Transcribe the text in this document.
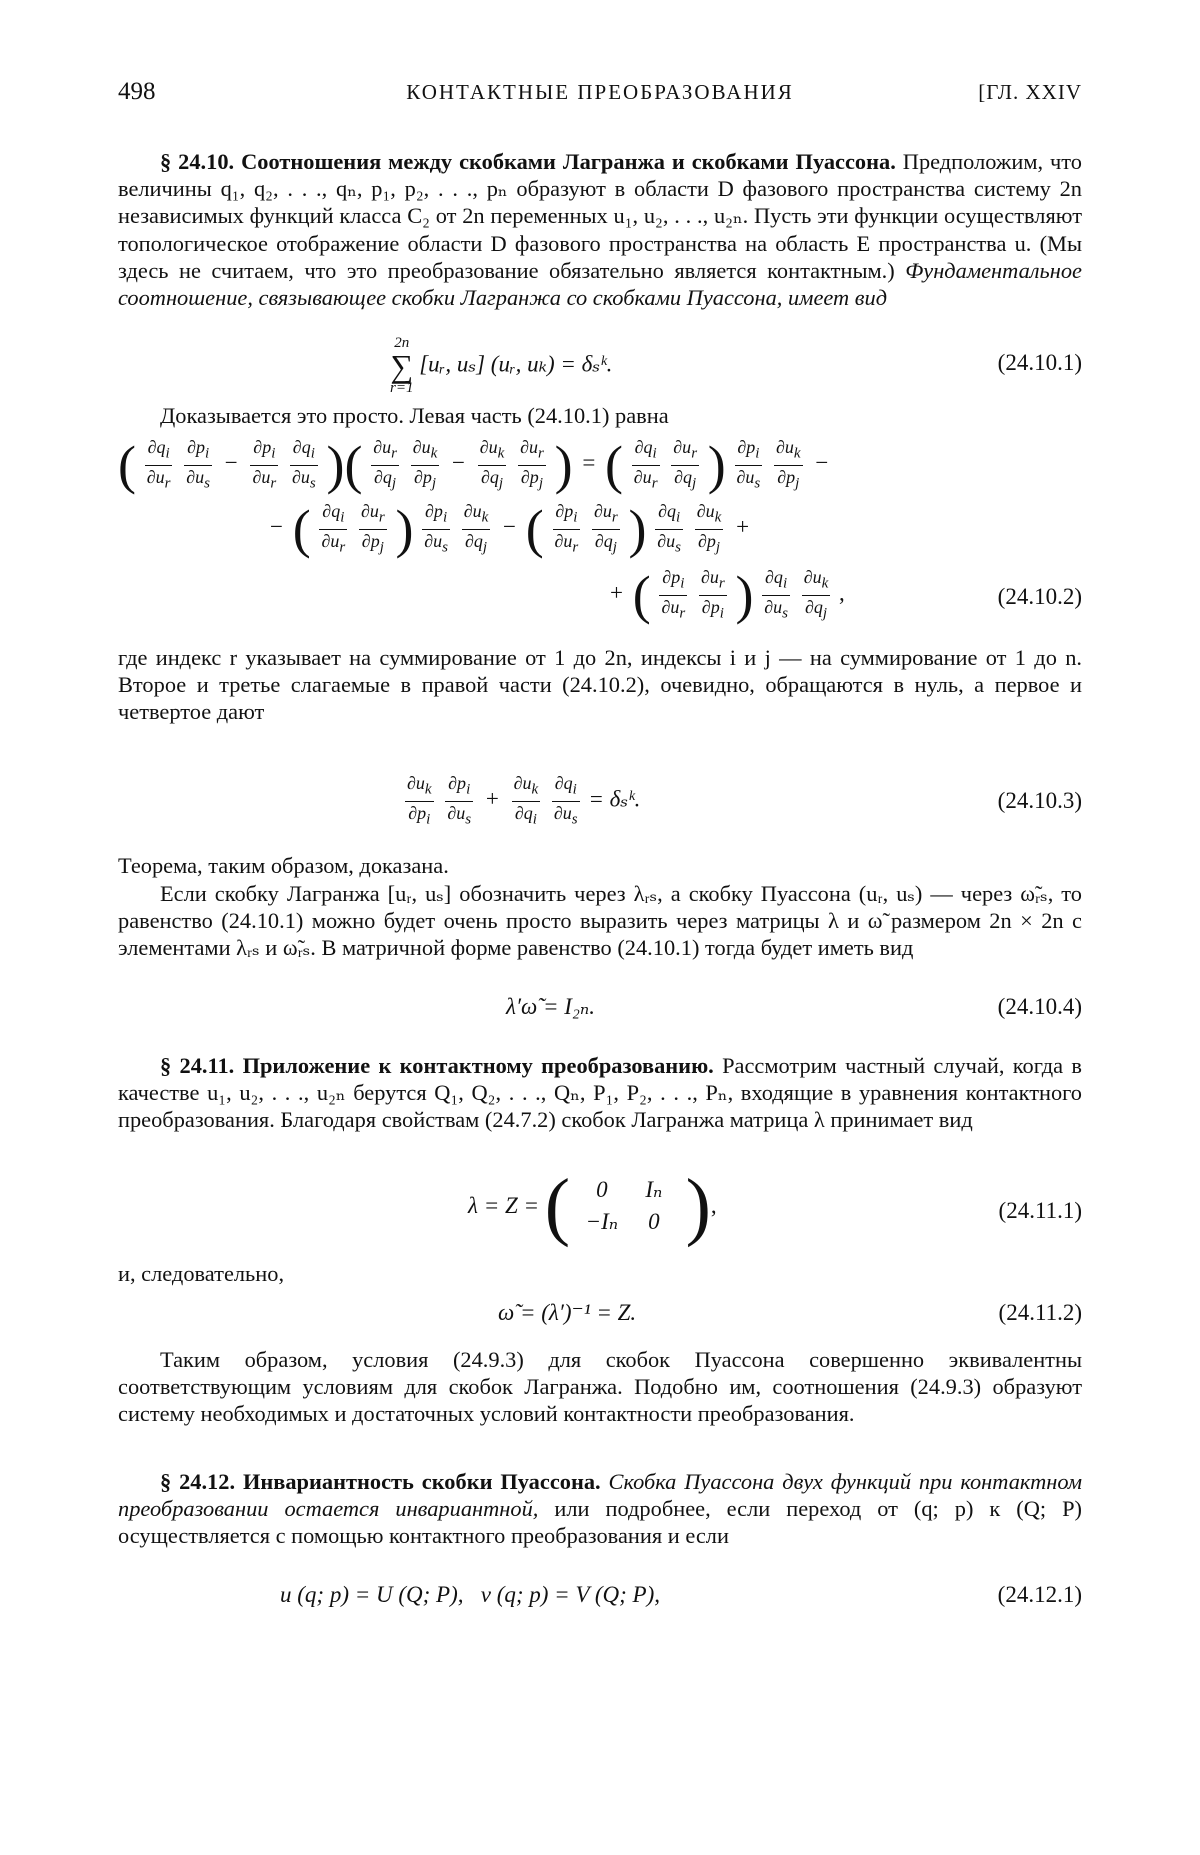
498	КОНТАКТНЫЕ ПРЕОБРАЗОВАНИЯ	[ГЛ. XXIV

§ 24.10. Соотношения между скобками Лагранжа и скобками Пуассона. Предположим, что величины q₁, q₂, . . ., qₙ, p₁, p₂, . . ., pₙ образуют в области D фазового пространства систему 2n независимых функций класса C₂ от 2n переменных u₁, u₂, . . ., u₂ₙ. Пусть эти функции осуществляют топологическое отображение области D фазового пространства на область E пространства u. (Мы здесь не считаем, что это преобразование обязательно является контактным.) Фундаментальное соотношение, связывающее скобки Лагранжа со скобками Пуассона, имеет вид

2n
∑
r=1
[uᵣ, uₛ] (uᵣ, uₖ) = δₛᵏ.	(24.10.1)

Доказывается это просто. Левая часть (24.10.1) равна

( $\frac{\partial q_i}{\partial u_r}$
$\frac{\partial p_i}{\partial u_s} - \frac{\partial p_i}{\partial u_r}$
$\frac{\partial q_i}{\partial u_s}$ )( $\frac{\partial u_r}{\partial q_j}$
$\frac{\partial u_k}{\partial p_j} - \frac{\partial u_k}{\partial q_j}$
$\frac{\partial u_r}{\partial p_j}$ ) = ( $\frac{\partial q_i}{\partial u_r}$
$\frac{\partial u_r}{\partial q_j}$ ) $\frac{\partial p_i}{\partial u_s}$
$\frac{\partial u_k}{\partial p_j}$ −
− ( $\frac{\partial q_i}{\partial u_r}$
$\frac{\partial u_r}{\partial p_j}$ ) $\frac{\partial p_i}{\partial u_s}$
$\frac{\partial u_k}{\partial q_j}$ − ( $\frac{\partial p_i}{\partial u_r}$
$\frac{\partial u_r}{\partial q_j}$ ) $\frac{\partial q_i}{\partial u_s}$
$\frac{\partial u_k}{\partial p_j}$ +
+ ( $\frac{\partial p_i}{\partial u_r}$
$\frac{\partial u_r}{\partial p_i}$ ) $\frac{\partial q_i}{\partial u_s}$
$\frac{\partial u_k}{\partial q_j}$ ,	(24.10.2)

где индекс r указывает на суммирование от 1 до 2n, индексы i и j — на суммирование от 1 до n. Второе и третье слагаемые в правой части (24.10.2), очевидно, обращаются в нуль, а первое и четвертое дают

$\frac{\partial u_k}{\partial p_i}$
$\frac{\partial p_i}{\partial u_s} + \frac{\partial u_k}{\partial q_i}$
$\frac{\partial q_i}{\partial u_s}$ = δₛᵏ.	(24.10.3)

Теорема, таким образом, доказана.

Если скобку Лагранжа [uᵣ, uₛ] обозначить через λᵣₛ, а скобку Пуассона (uᵣ, uₛ) — через ω̃ᵣₛ, то равенство (24.10.1) можно будет очень просто выразить через матрицы λ и ω̃ размером 2n × 2n с элементами λᵣₛ и ω̃ᵣₛ. В матричной форме равенство (24.10.1) тогда будет иметь вид

λ′ω̃ = I₂ₙ.	(24.10.4)

§ 24.11. Приложение к контактному преобразованию. Рассмотрим частный случай, когда в качестве u₁, u₂, . . ., u₂ₙ берутся Q₁, Q₂, . . ., Qₙ, P₁, P₂, . . ., Pₙ, входящие в уравнения контактного преобразования. Благодаря свойствам (24.7.2) скобок Лагранжа матрица λ принимает вид

λ = Z = (	0 Iₙ
−Iₙ 0 ),	(24.11.1)

и, следовательно,

ω̃ = (λ′)⁻¹ = Z.	(24.11.2)

Таким образом, условия (24.9.3) для скобок Пуассона совершенно эквивалентны соответствующим условиям для скобок Лагранжа. Подобно им, соотношения (24.9.3) образуют систему необходимых и достаточных условий контактности преобразования.

§ 24.12. Инвариантность скобки Пуассона. Скобка Пуассона двух функций при контактном преобразовании остается инвариантной, или подробнее, если переход от (q; p) к (Q; P) осуществляется с помощью контактного преобразования и если

u (q; p) = U (Q; P),   v (q; p) = V (Q; P),	(24.12.1)
